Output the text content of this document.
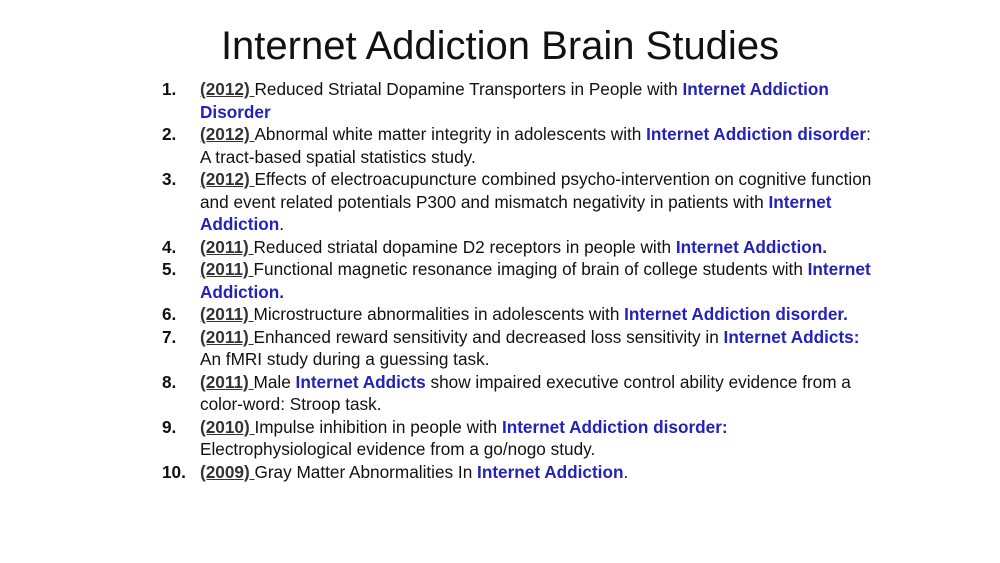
Internet Addiction Brain Studies
1. (2012) Reduced Striatal Dopamine Transporters in People with Internet Addiction Disorder
2. (2012) Abnormal white matter integrity in adolescents with Internet Addiction disorder: A tract-based spatial statistics study.
3. (2012) Effects of electroacupuncture combined psycho-intervention on cognitive function and event related potentials P300 and mismatch negativity in patients with Internet Addiction.
4. (2011) Reduced striatal dopamine D2 receptors in people with Internet Addiction.
5. (2011) Functional magnetic resonance imaging of brain of college students with Internet Addiction.
6. (2011) Microstructure abnormalities in adolescents with Internet Addiction disorder.
7. (2011) Enhanced reward sensitivity and decreased loss sensitivity in Internet Addicts: An fMRI study during a guessing task.
8. (2011) Male Internet Addicts show impaired executive control ability evidence from a color-word: Stroop task.
9. (2010) Impulse inhibition in people with Internet Addiction disorder: Electrophysiological evidence from a go/nogo study.
10. (2009) Gray Matter Abnormalities In Internet Addiction.
